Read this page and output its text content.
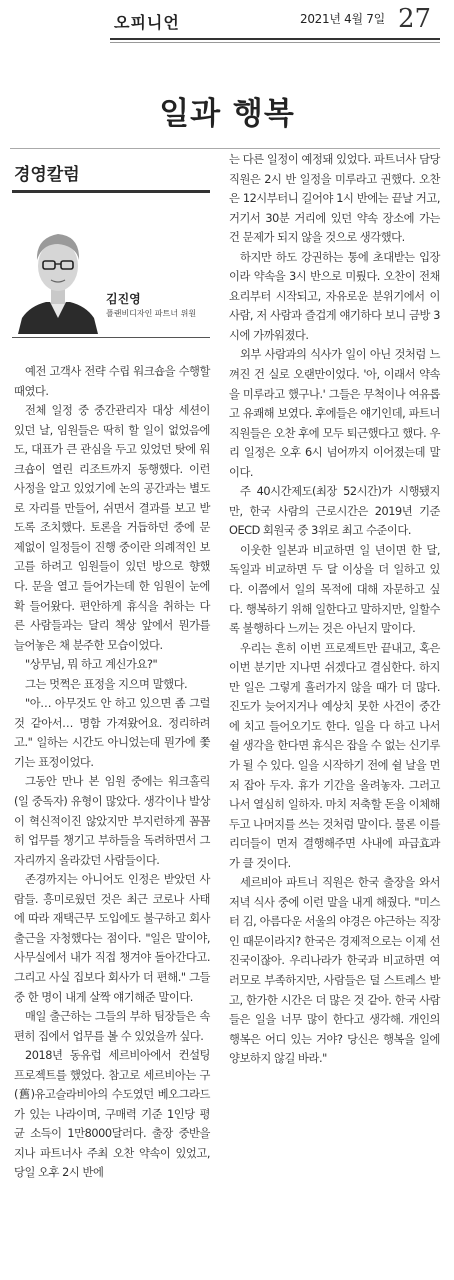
오피니언	2021년 4월 7일 27
일과 행복
경영칼럼
김진영
플랜비디자인 파트너 위원

예전 고객사 전략 수립 워크숍을 수행할 때였다.

전체 일정 중 중간관리자 대상 세션이 있던 날, 임원들은 딱히 할 일이 없었음에도, 대표가 큰 관심을 두고 있었던 탓에 워크숍이 열린 리조트까지 동행했다. 이런 사정을 알고 있었기에 논의 공간과는 별도로 자리를 만들어, 쉬면서 결과를 보고 받도록 조치했다. 토론을 거듭하던 중에 문제없이 일정들이 진행 중이란 의례적인 보고를 하려고 임원들이 있던 방으로 향했다. 문을 열고 들어가는데 한 임원이 눈에 확 들어왔다. 편안하게 휴식을 취하는 다른 사람들과는 달리 책상 앞에서 뭔가를 늘어놓은 채 분주한 모습이었다.

"상무님, 뭐 하고 계신가요?"

그는 멋쩍은 표정을 지으며 말했다.

"아… 아무것도 안 하고 있으면 좀 그럴 것 같아서… 명함 가져왔어요. 정리하려고." 일하는 시간도 아니었는데 뭔가에 쫓기는 표정이었다.

그동안 만나 본 임원 중에는 워크홀릭(일 중독자) 유형이 많았다. 생각이나 발상이 혁신적이진 않았지만 부지런하게 꼼꼼히 업무를 챙기고 부하들을 독려하면서 그 자리까지 올라갔던 사람들이다.

존경까지는 아니어도 인정은 받았던 사람들. 흥미로웠던 것은 최근 코로나 사태에 따라 재택근무 도입에도 불구하고 회사 출근을 자청했다는 점이다. "일은 말이야, 사무실에서 내가 직접 챙겨야 돌아간다고. 그리고 사실 집보다 회사가 더 편해." 그들 중 한 명이 내게 살짝 얘기해준 말이다.

매일 출근하는 그들의 부하 팀장들은 속 편히 집에서 업무를 볼 수 있었을까 싶다.

2018년 동유럽 세르비아에서 컨설팅 프로젝트를 했었다. 참고로 세르비아는 구(舊)유고슬라비아의 수도였던 베오그라드가 있는 나라이며, 구매력 기준 1인당 평균 소득이 1만8000달러다. 출장 중반을 지나 파트너사 주최 오찬 약속이 있었고, 당일 오후 2시 반에

는 다른 일정이 예정돼 있었다. 파트너사 담당 직원은 2시 반 일정을 미루라고 권했다. 오찬은 12시부터니 길어야 1시 반에는 끝날 거고, 거기서 30분 거리에 있던 약속 장소에 가는 건 문제가 되지 않을 것으로 생각했다.

하지만 하도 강권하는 통에 초대받는 입장이라 약속을 3시 반으로 미뤘다. 오찬이 전채요리부터 시작되고, 자유로운 분위기에서 이 사람, 저 사람과 즐겁게 얘기하다 보니 금방 3시에 가까워졌다.

외부 사람과의 식사가 일이 아닌 것처럼 느껴진 건 실로 오랜만이었다. '아, 이래서 약속을 미루라고 했구나.' 그들은 무척이나 여유롭고 유쾌해 보였다. 후에들은 얘기인데, 파트너 직원들은 오찬 후에 모두 퇴근했다고 했다. 우리 일정은 오후 6시 넘어까지 이어졌는데 말이다.

주 40시간제도(최장 52시간)가 시행됐지만, 한국 사람의 근로시간은 2019년 기준 OECD 회원국 중 3위로 최고 수준이다.

이웃한 일본과 비교하면 일 년이면 한 달, 독일과 비교하면 두 달 이상을 더 일하고 있다. 이쯤에서 일의 목적에 대해 자문하고 싶다. 행복하기 위해 일한다고 말하지만, 일할수록 불행하다 느끼는 것은 아닌지 말이다.

우리는 흔히 이번 프로젝트만 끝내고, 혹은 이번 분기만 지나면 쉬겠다고 결심한다. 하지만 일은 그렇게 흘러가지 않을 때가 더 많다. 진도가 늦어지거나 예상치 못한 사건이 중간에 치고 들어오기도 한다. 일을 다 하고 나서 쉴 생각을 한다면 휴식은 잡을 수 없는 신기루가 될 수 있다. 일을 시작하기 전에 쉴 날을 먼저 잡아 두자. 휴가 기간을 올려놓자. 그러고 나서 열심히 일하자. 마치 저축할 돈을 이체해두고 나머지를 쓰는 것처럼 말이다. 물론 이를 리더들이 먼저 결행해주면 사내에 파급효과가 클 것이다.

세르비아 파트너 직원은 한국 출장을 와서 저녁 식사 중에 이런 말을 내게 해줬다. "미스터 김, 아름다운 서울의 야경은 야근하는 직장인 때문이라지? 한국은 경제적으로는 이제 선진국이잖아. 우리나라가 한국과 비교하면 여러모로 부족하지만, 사람들은 덜 스트레스 받고, 한가한 시간은 더 많은 것 같아. 한국 사람들은 일을 너무 많이 한다고 생각해. 개인의 행복은 어디 있는 거야? 당신은 행복을 일에 양보하지 않길 바라."
